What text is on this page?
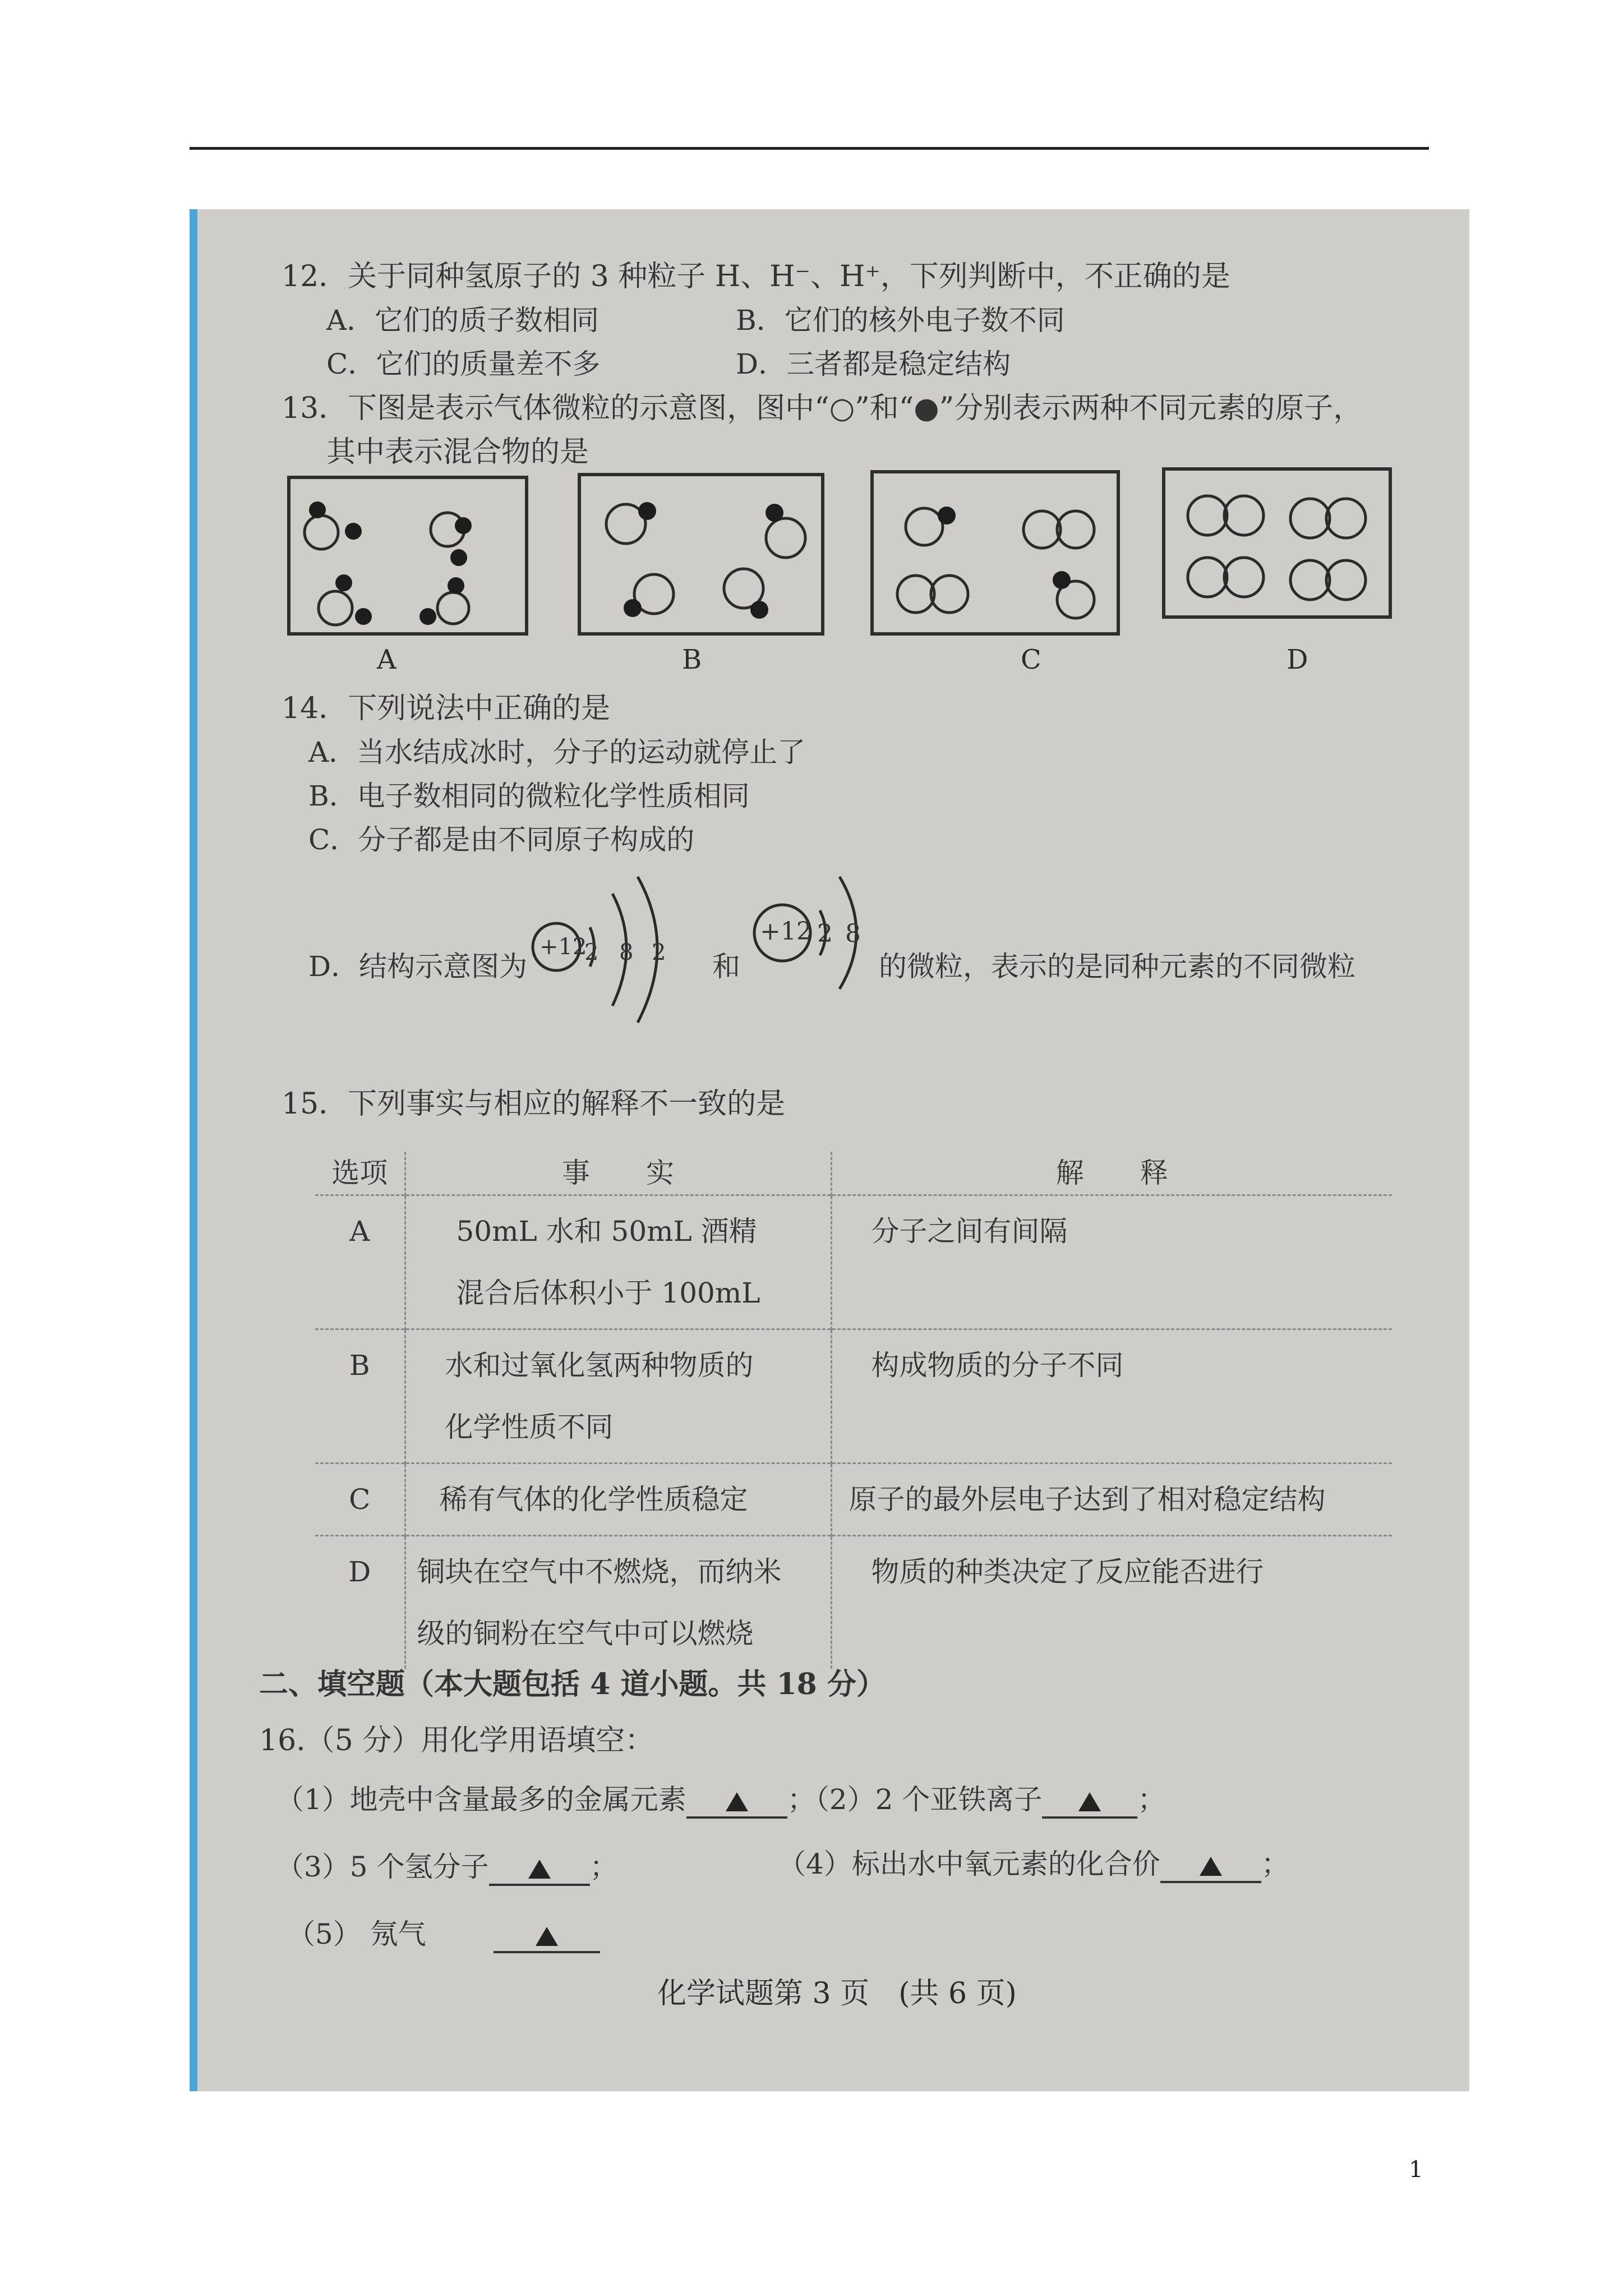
12．关于同种氢原子的 3 种粒子 H、H⁻、H⁺，下列判断中，不正确的是
A．它们的质子数相同	B．它们的核外电子数不同
C．它们的质量差不多	D．三者都是稳定结构
13．下图是表示气体微粒的示意图，图中“○”和“●”分别表示两种不同元素的原子，
其中表示混合物的是
A	B	C	D
14．下列说法中正确的是
A．当水结成冰时，分子的运动就停止了
B．电子数相同的微粒化学性质相同
C．分子都是由不同原子构成的
D．结构示意图为
+12
2 8 2 和
+12 2 8
的微粒，表示的是同种元素的不同微粒
15．下列事实与相应的解释不一致的是
选项	事　　实	解　　释
A	50mL 水和 50mL 酒精混合后体积小于 100mL	分子之间有间隔
B	水和过氧化氢两种物质的化学性质不同	构成物质的分子不同
C	稀有气体的化学性质稳定	原子的最外层电子达到了相对稳定结构
D	铜块在空气中不燃烧，而纳米级的铜粉在空气中可以燃烧	物质的种类决定了反应能否进行
二、填空题（本大题包括 4 道小题。共 18 分）
16.（5 分）用化学用语填空：
（1）地壳中含量最多的金属元素	；（2）2 个亚铁离子	；
（3）5 个氢分子	；	（4）标出水中氧元素的化合价	；
（5） 氖气
化学试题第 3 页　(共 6 页)
1
